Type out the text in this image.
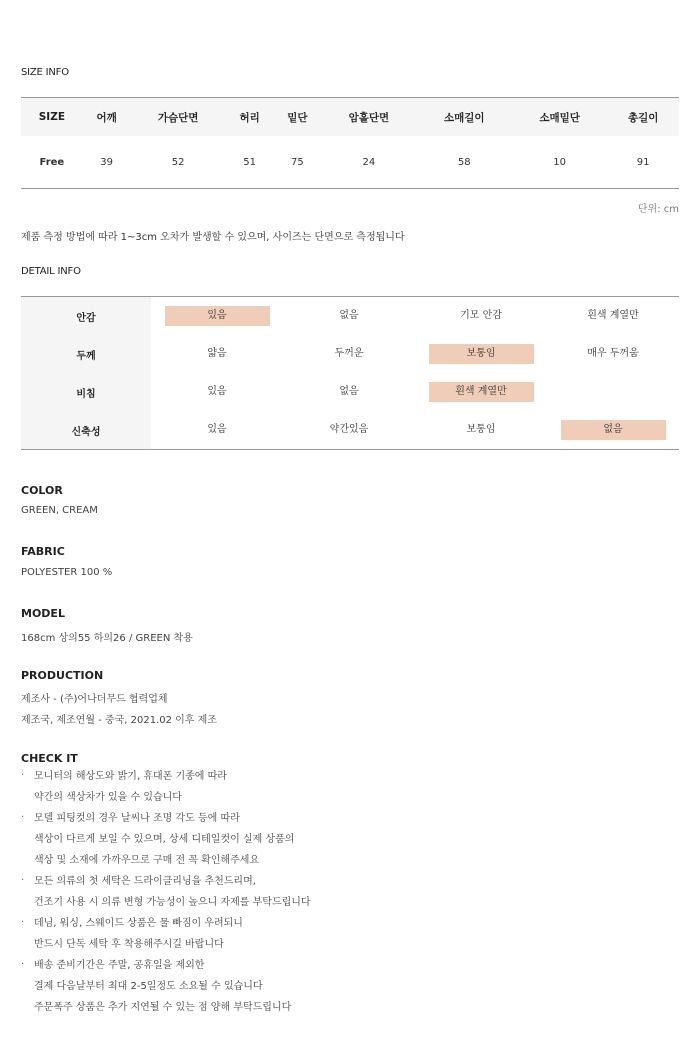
SIZE INFO
SIZE	어깨	가슴단면	허리	밑단	암홀단면	소매길이	소매밑단	총길이
Free	39	52	51	75	24	58	10	91
단위: cm
제품 측정 방법에 따라 1~3cm 오차가 발생할 수 있으며, 사이즈는 단면으로 측정됩니다
DETAIL INFO
안감	있음	없음	기모 안감	흰색 계열만
두께	얇음	두꺼운	보통임	매우 두꺼움
비침	있음	없음	흰색 계열만	
신축성	있음	약간있음	보통임	없음
COLOR
GREEN, CREAM
FABRIC
POLYESTER 100 %
MODEL
168cm 상의55 하의26 / GREEN 착용
PRODUCTION
제조사 - (주)어나더무드 협력업체
제조국, 제조연월 - 중국, 2021.02 이후 제조
CHECK IT
· 모니터의 해상도와 밝기, 휴대폰 기종에 따라
약간의 색상차가 있을 수 있습니다
· 모델 피팅컷의 경우 날씨나 조명 각도 등에 따라
색상이 다르게 보일 수 있으며, 상세 디테일컷이 실제 상품의
색상 및 소재에 가까우므로 구매 전 꼭 확인해주세요
· 모든 의류의 첫 세탁은 드라이클리닝을 추천드리며,
건조기 사용 시 의류 변형 가능성이 높으니 자제를 부탁드립니다
· 데님, 워싱, 스웨이드 상품은 물 빠짐이 우려되니
반드시 단독 세탁 후 착용해주시길 바랍니다
· 배송 준비기간은 주말, 공휴일을 제외한
결제 다음날부터 최대 2-5일정도 소요될 수 있습니다
주문폭주 상품은 추가 지연될 수 있는 점 양해 부탁드립니다
